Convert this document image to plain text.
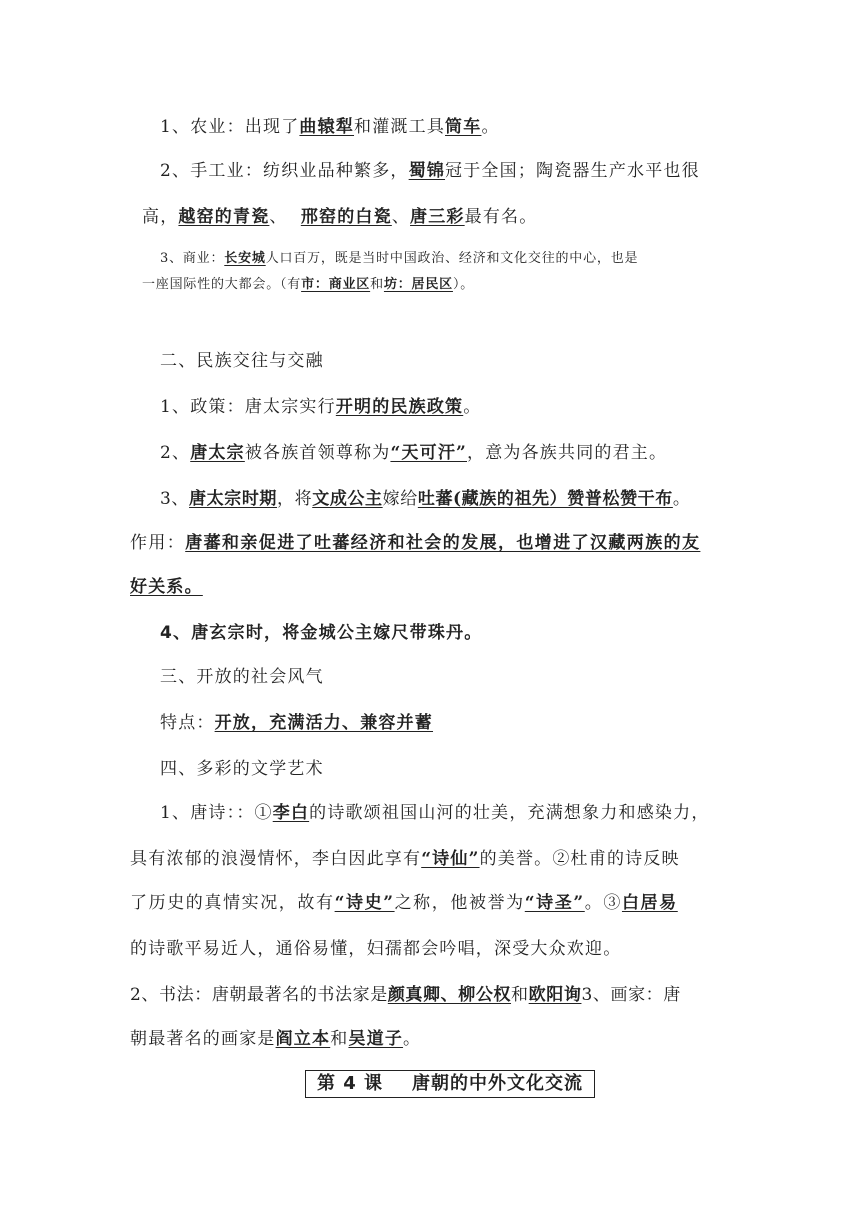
1、农业：出现了曲辕犁和灌溉工具筒车。
2、手工业：纺织业品种繁多，蜀锦冠于全国；陶瓷器生产水平也很
高，越窑的青瓷、  邢窑的白瓷、唐三彩最有名。
3、商业：长安城人口百万，既是当时中国政治、经济和文化交往的中心，也是
一座国际性的大都会。（有市：商业区和坊：居民区）。
二、民族交往与交融
1、政策：唐太宗实行开明的民族政策。
2、唐太宗被各族首领尊称为“天可汗”，意为各族共同的君主。
3、唐太宗时期，将文成公主嫁给吐蕃(藏族的祖先）赞普松赞干布。
作用：唐蕃和亲促进了吐蕃经济和社会的发展，也增进了汉藏两族的友
好关系。
4、唐玄宗时，将金城公主嫁尺带珠丹。
三、开放的社会风气
特点：开放，充满活力、兼容并蓄
四、多彩的文学艺术
1、唐诗：：①李白的诗歌颂祖国山河的壮美，充满想象力和感染力，
具有浓郁的浪漫情怀，李白因此享有“诗仙”的美誉。②杜甫的诗反映
了历史的真情实况，故有“诗史”之称，他被誉为“诗圣”。③白居易
的诗歌平易近人，通俗易懂，妇孺都会吟唱，深受大众欢迎。
2、书法：唐朝最著名的书法家是颜真卿、柳公权和欧阳询3、画家：唐
朝最著名的画家是阎立本和吴道子。
第 4 课    唐朝的中外文化交流
